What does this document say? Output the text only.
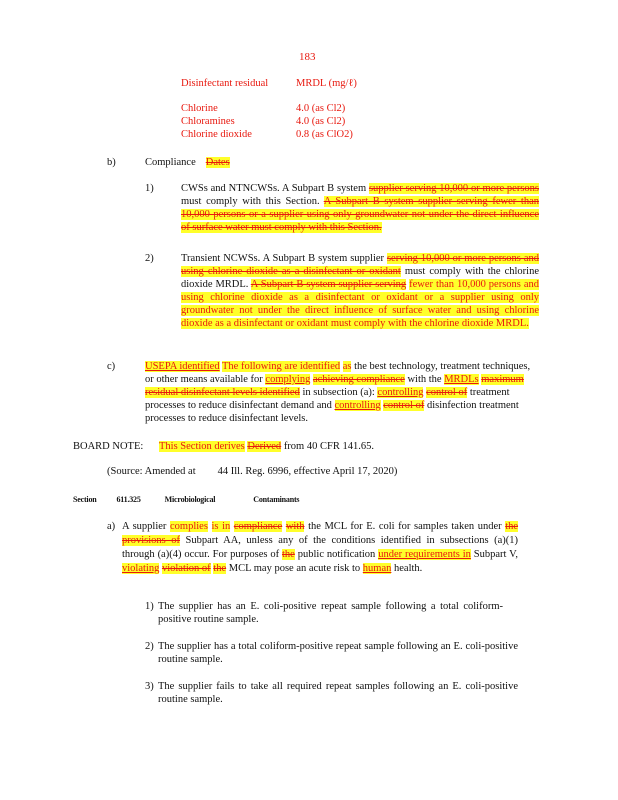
183
Disinfectant residual	MRDL (mg/ℓ)
Chlorine	4.0 (as Cl2)
Chloramines	4.0 (as Cl2)
Chlorine dioxide	0.8 (as ClO2)
b)	Compliance Dates
1)	CWSs and NTNCWSs. A Subpart B system supplier serving 10,000 or more persons must comply with this Section. A Subpart B system supplier serving fewer than 10,000 persons or a supplier using only groundwater not under the direct influence of surface water must comply with this Section.
2)	Transient NCWSs. A Subpart B system supplier serving 10,000 or more persons and using chlorine dioxide as a disinfectant or oxidant must comply with the chlorine dioxide MRDL. A Subpart B system supplier serving fewer than 10,000 persons and using chlorine dioxide as a disinfectant or oxidant or a supplier using only groundwater not under the direct influence of surface water and using chlorine dioxide as a disinfectant or oxidant must comply with the chlorine dioxide MRDL.
c)	USEPA identified The following are identified as the best technology, treatment techniques, or other means available for complying achieving compliance with the MRDLs maximum residual disinfectant levels identified in subsection (a): controlling control of treatment processes to reduce disinfectant demand and controlling control of disinfection treatment processes to reduce disinfectant levels.
BOARD NOTE: This Section derives Derived from 40 CFR 141.65.
(Source: Amended at 44 Ill. Reg. 6996, effective April 17, 2020)
Section	611.325	Microbiological	Contaminants
a) A supplier complies is in compliance with the MCL for E. coli for samples taken under the provisions of Subpart AA, unless any of the conditions identified in subsections (a)(1) through (a)(4) occur. For purposes of the public notification under requirements in Subpart V, violating violation of the MCL may pose an acute risk to human health.
1) The supplier has an E. coli-positive repeat sample following a total coliform-positive routine sample.
2) The supplier has a total coliform-positive repeat sample following an E. coli-positive routine sample.
3) The supplier fails to take all required repeat samples following an E. coli-positive routine sample.
